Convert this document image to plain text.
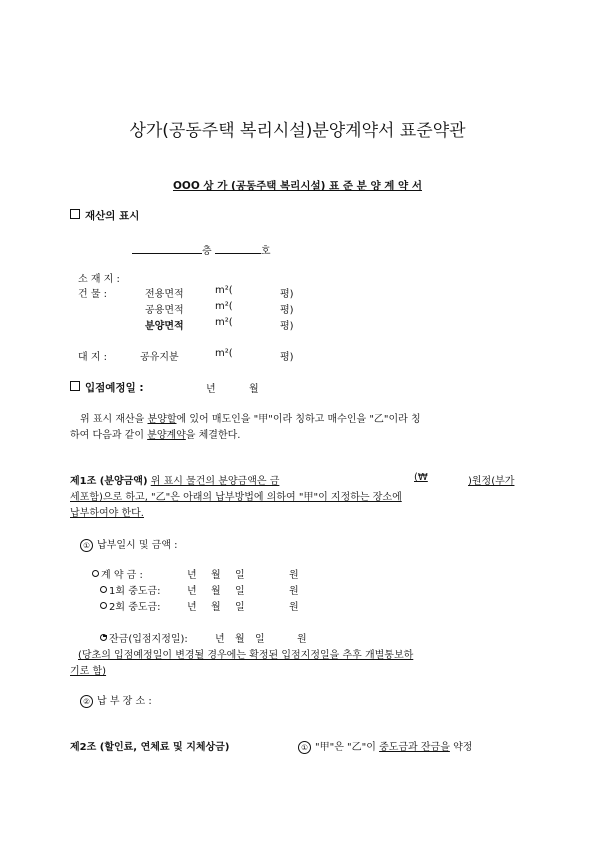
상가(공동주택 복리시설)분양계약서 표준약관
OOO 상 가 (공동주택 복리시설) 표 준 분 양 계 약 서
재산의 표시
층	호
소 재 지 :
건 물 :	전용면적	m²(	평)
공용면적	m²(	평)
분양면적	m²(	평)
대 지 :	공유지분	m²(	평)
입점예정일 :	년	월
위 표시 재산을 분양할에 있어 매도인을 "甲"이라 칭하고 매수인을 "乙"이라 칭
하여 다음과 같이 분양계약을 체결한다.
제1조 (분양금액) 위 표시 물건의 분양금액은 금	(₩	)원정(부가
세포함)으로 하고, "乙"은 아래의 납부방법에 의하여 "甲"이 지정하는 장소에
납부하여야 한다.
① 납부일시 및 금액 :
계 약 금 :	년 월 일	원
1회 중도금:	년 월 일	원
2회 중도금:	년 월 일	원
잔금(입점지정일):	년 월 일	원
(당초의 입점예정일이 변경될 경우에는 확정된 입점지정일을 추후 개별통보하
기로 함)
② 납 부 장 소 :
제2조 (할인료, 연체료 및 지체상금)	① "甲"은 "乙"이 중도금과 잔금을 약정
